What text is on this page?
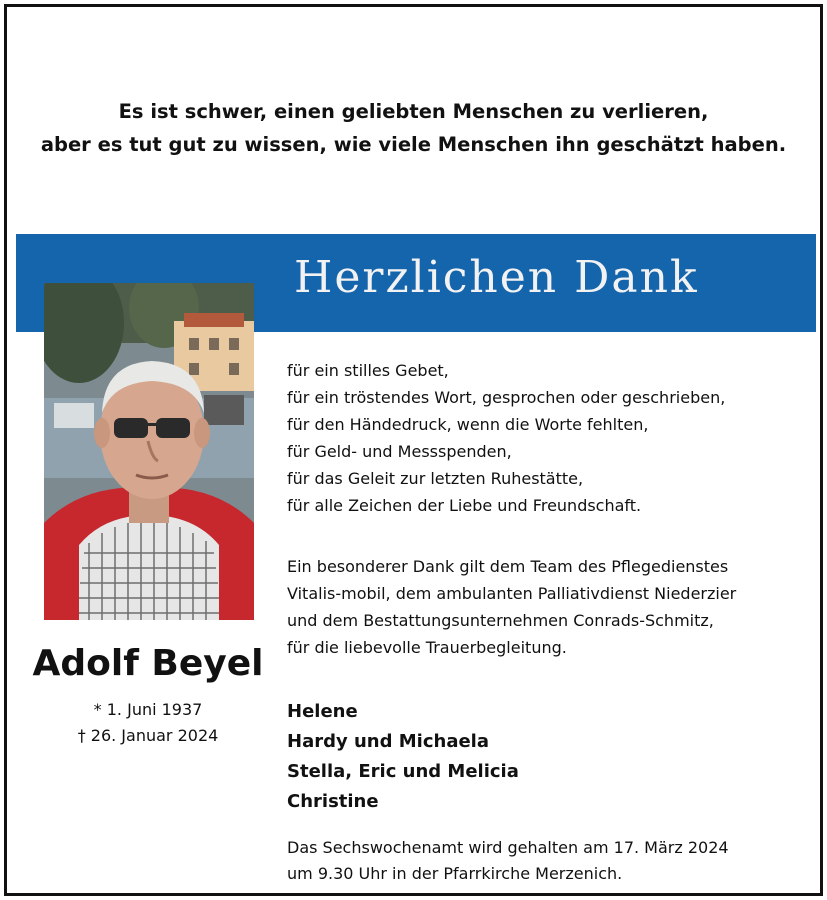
Es ist schwer, einen geliebten Menschen zu verlieren,
aber es tut gut zu wissen, wie viele Menschen ihn geschätzt haben.
Herzlichen Dank
Adolf Beyel
* 1. Juni 1937
† 26. Januar 2024
für ein stilles Gebet,
für ein tröstendes Wort, gesprochen oder geschrieben,
für den Händedruck, wenn die Worte fehlten,
für Geld- und Messspenden,
für das Geleit zur letzten Ruhestätte,
für alle Zeichen der Liebe und Freundschaft.
Ein besonderer Dank gilt dem Team des Pflegedienstes
Vitalis-mobil, dem ambulanten Palliativdienst Niederzier
und dem Bestattungsunternehmen Conrads-Schmitz,
für die liebevolle Trauerbegleitung.
Helene
Hardy und Michaela
Stella, Eric und Melicia
Christine
Das Sechswochenamt wird gehalten am 17. März 2024
um 9.30 Uhr in der Pfarrkirche Merzenich.
